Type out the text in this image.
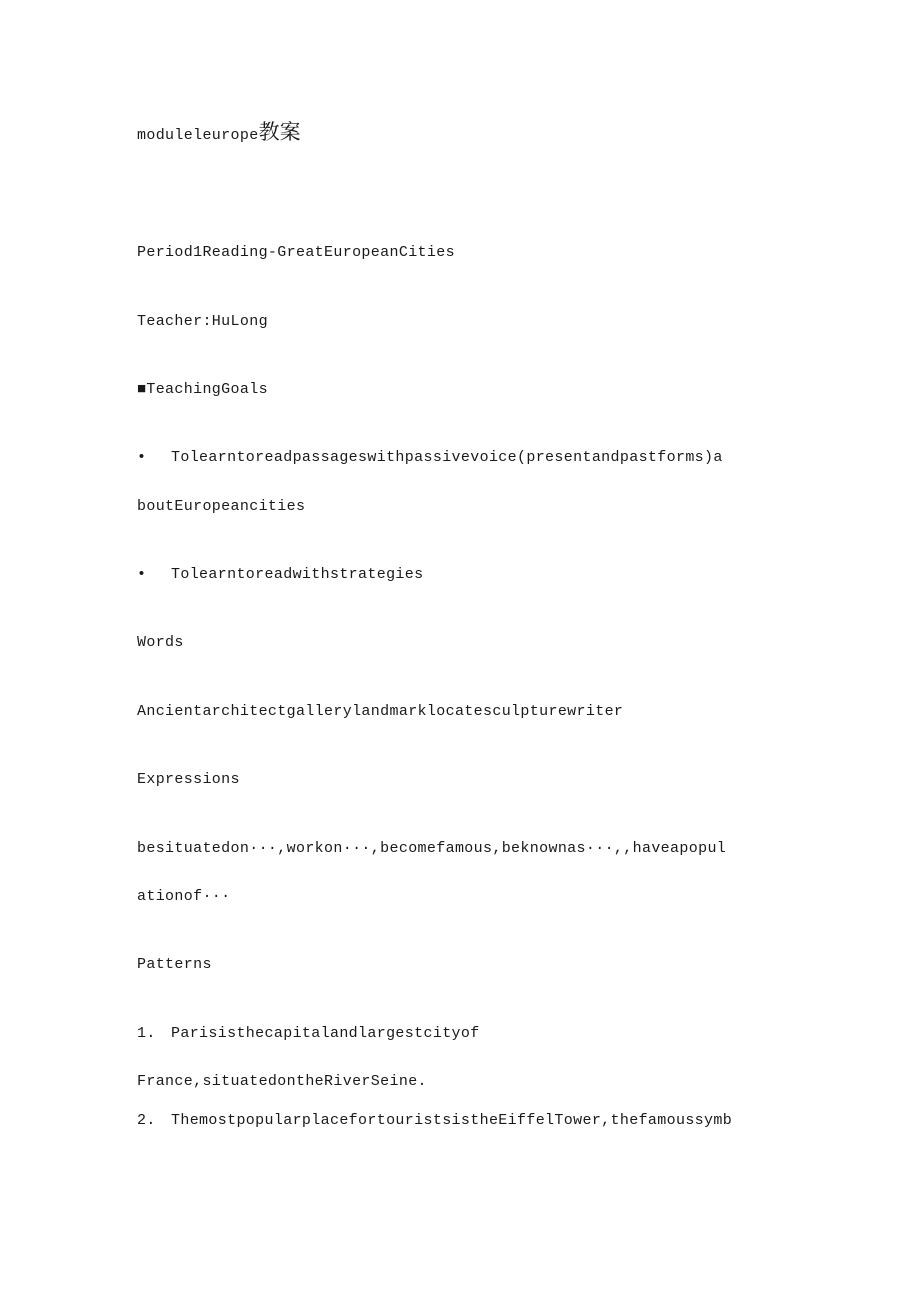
moduleleurope教案
Period1Reading-GreatEuropeanCities
Teacher:HuLong
■TeachingGoals
• Tolearntoreadpassageswithpassivevoice(presentandpastforms)a
boutEuropeancities
• Tolearntoreadwithstrategies
Words
Ancientarchitectgallerylandmarklocatesculpturewriter
Expressions
besituatedon···,workon···,becomefamous,beknownas···,,haveapopul
ationof···
Patterns
1. Parisisthecapitalandlargestcityof
France,situatedontheRiverSeine.
2. ThemostpopularplacefortouristsistheEiffelTower,thefamoussymb
